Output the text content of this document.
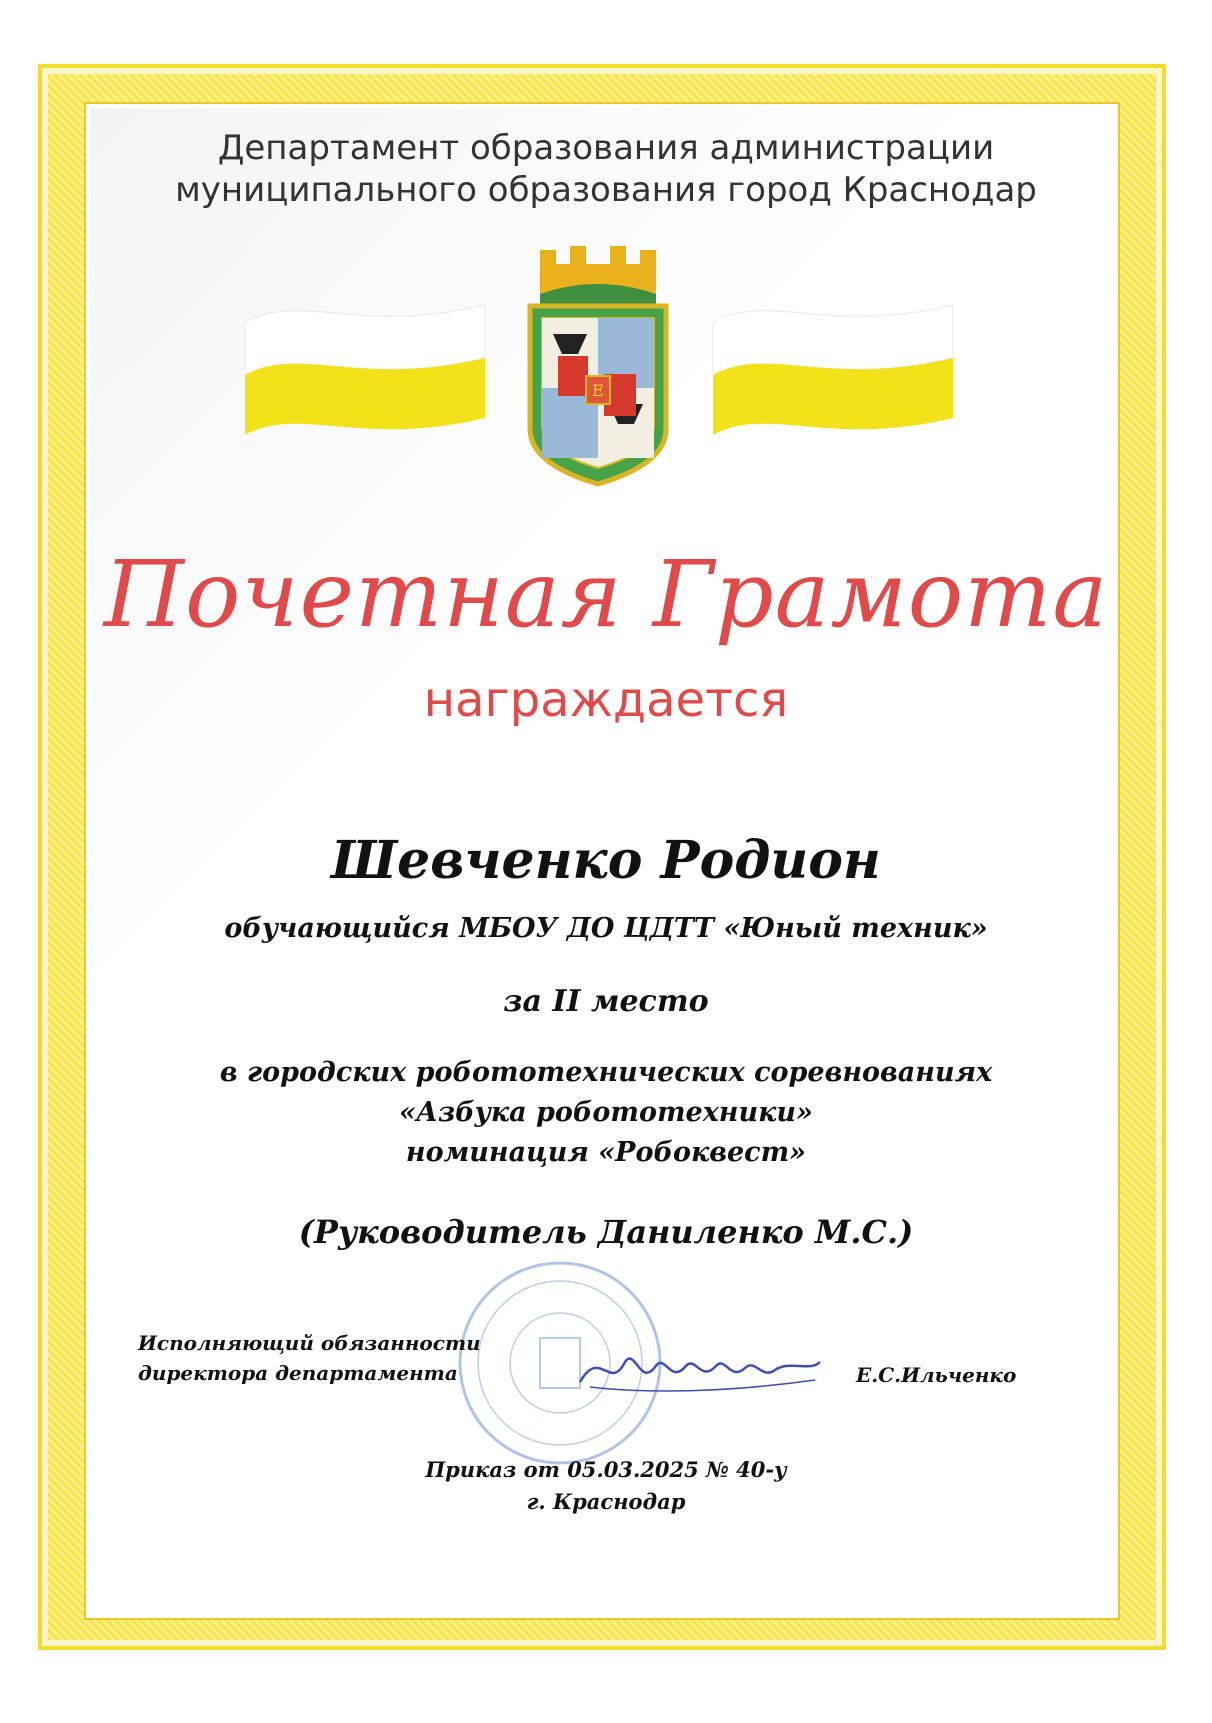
Департамент образования администрации
муниципального образования город Краснодар
Е
Почетная Грамота
награждается
Шевченко Родион
обучающийся МБОУ ДО ЦДТТ «Юный техник»
за II место
в городских робототехнических соревнованиях
«Азбука робототехники»
номинация «Робоквест»
(Руководитель Даниленко М.С.)
Исполняющий обязанности
директора департамента	Е.С.Ильченко
Приказ от 05.03.2025 № 40-у
г. Краснодар
